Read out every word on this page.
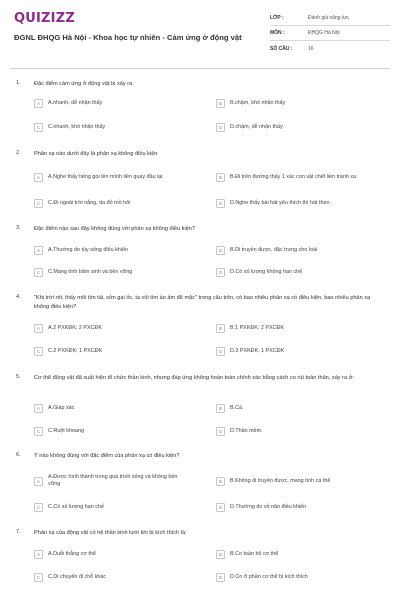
QUIZIZZ
ĐGNL ĐHQG Hà Nội - Khoa học tự nhiên - Cảm ứng ở động vật
LỚP :	Đánh giá năng lực
MÔN :	ĐHQG Hà Nội
SỐ CÂU :	16
1. Đặc điểm cảm ứng ở động vật là xảy ra
A	A.nhanh, dễ nhận thấy	B	B.chậm, khó nhận thấy
C	C.nhanh, khó nhận thấy	D	D.chậm, dễ nhận thấy
2. Phản xạ nào dưới đây là phản xạ không điều kiện
A	A.Nghe thấy tiếng gọi tên mình liền quay đầu lại	B	B.Đi trên đường thấy 1 xác con vật chết liền tránh xa
C	C.Đi ngoài trời nắng, da đỏ mồ hôi	D	D.Nghe thấy bài hát yêu thích thì hát theo.
3. Đặc điểm nào sau đây không đúng với phản xạ không điều kiện?
A	A.Thường do tủy sống điều khiển	B	B.Di truyền được, đặc trưng cho loài
C	C.Mang tính bẩm sinh và bền vững	D	D.Có số lượng không hạn chế
4. "Khi trời rét, thấy môi tím tái, sởn gai ốc, ta vội tìm áo ấm để mặc" trong câu trên, có bao nhiêu phản xạ có điều kiện, bao nhiêu phản xạ không điều kiện?
A	A.2 PXKĐK; 2 PXCĐK	B	B.1 PXKĐK; 2 PXCĐK
C	C.2 PXKĐK; 1 PXCĐK	D	D.3 PXKĐK; 1 PXCĐK
5. Cơ thể động vật đã xuất hiện tổ chức thần kinh, nhưng đáp ứng không hoàn toàn chính xác bằng cách co rút toàn thân, xảy ra ở:
A	A.Giáp xác	B	B.Cá.
C	C.Ruột khoang	D	D.Thân mềm.
6. Ý nào không đúng với đặc điểm của phản xạ có điều kiện?
A
A.Được hình thành trong quá trình sống và không bền vững	B	B.Không di truyền được, mang tính cá thể
C	C.Có số lượng hạn chế	D	D.Thường do vỏ não điều khiển
7. Phản xạ của động vật có hệ thần kinh lưới khi bị kích thích là:
A	A.Duỗi thẳng cơ thể	B	B.Co toàn bộ cơ thể
C	C.Di chuyển đi chỗ khác	D	D.Co ở phần cơ thể bị kích thích
